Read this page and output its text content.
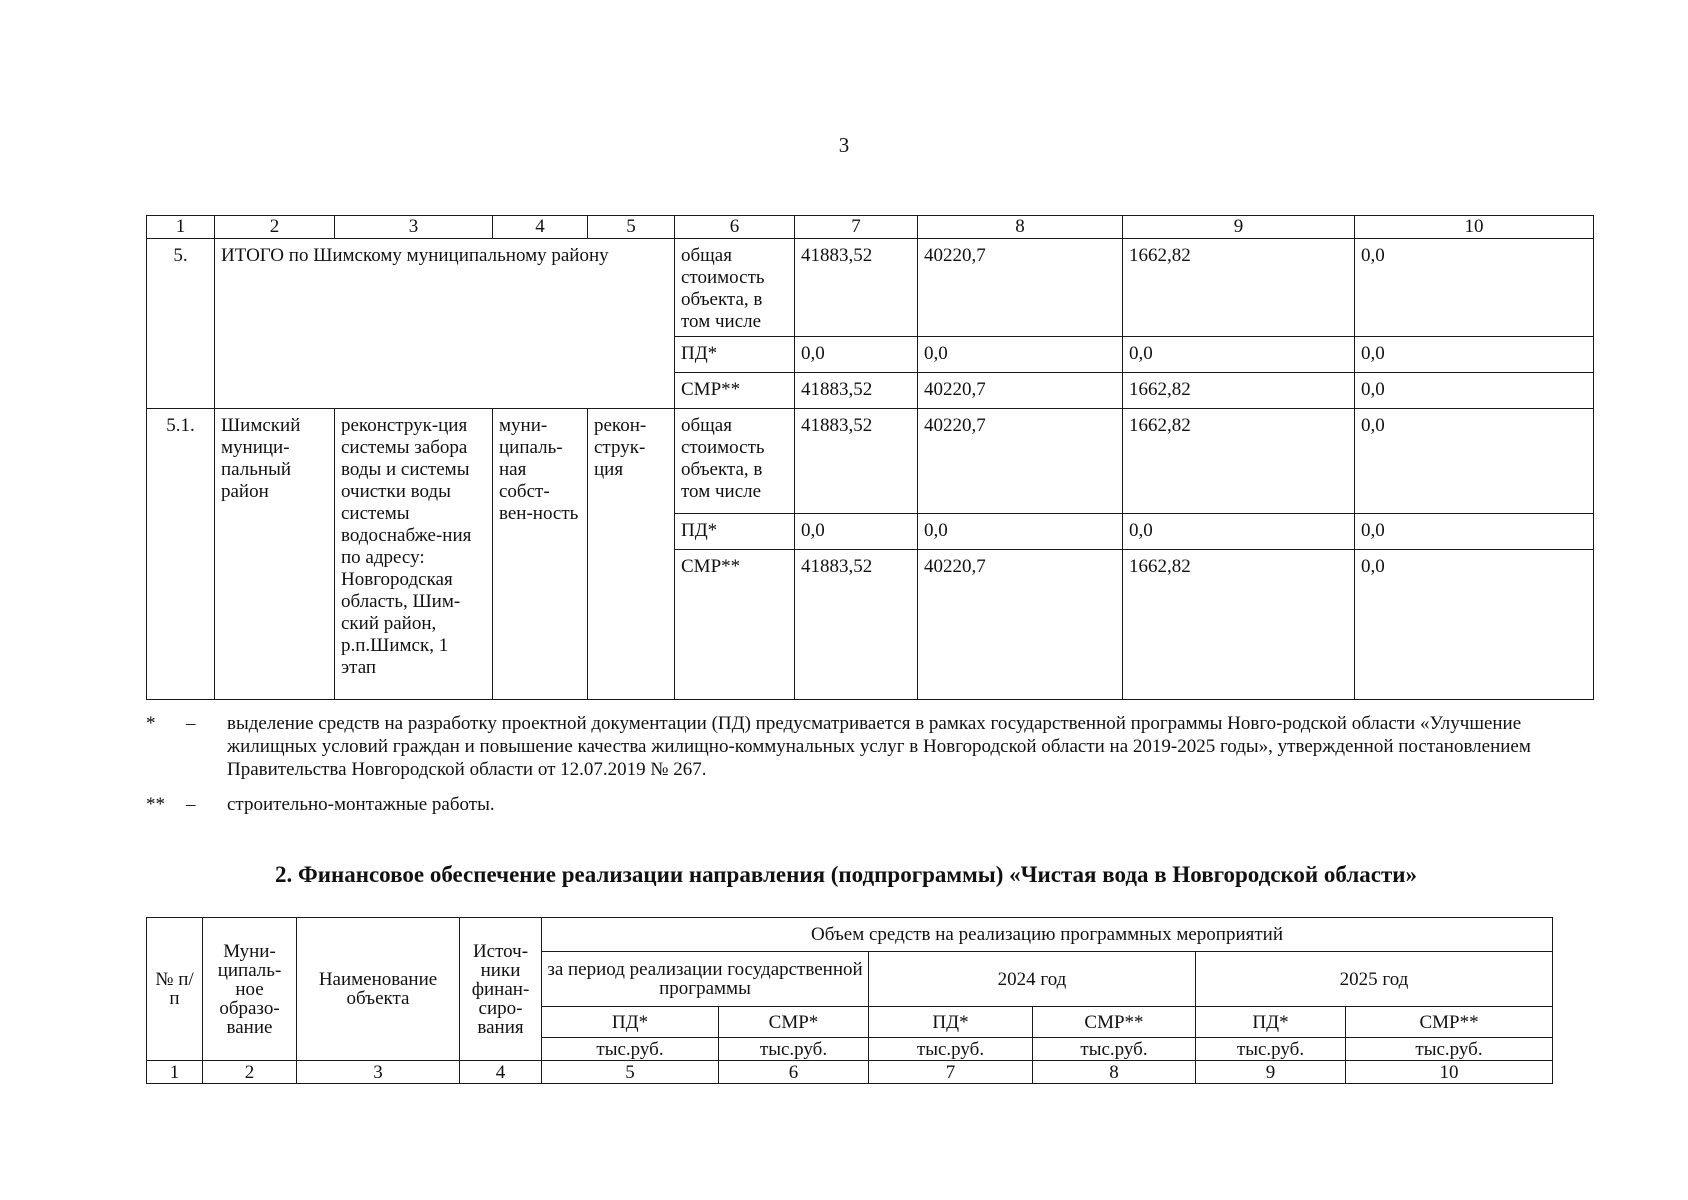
3
1	2	3	4	5	6	7	8	9	10
5.	ИТОГО по Шимскому муниципальному району				общая стоимость объекта, в том числе	41883,52	40220,7	1662,82	0,0
					ПД*	0,0	0,0	0,0	0,0
					СМР**	41883,52	40220,7	1662,82	0,0
5.1.	Шимский муници-пальный район	реконструк-ция системы забора воды и системы очистки воды системы водоснабже-ния по адресу: Новгородская область, Шим-ский район, р.п.Шимск, 1 этап	муни-ципаль-ная собст-вен-ность	рекон-струк-ция	общая стоимость объекта, в том числе	41883,52	40220,7	1662,82	0,0
					ПД*	0,0	0,0	0,0	0,0
					СМР**	41883,52	40220,7	1662,82	0,0
* – выделение средств на разработку проектной документации (ПД) предусматривается в рамках государственной программы Новго-родской области «Улучшение жилищных условий граждан и повышение качества жилищно-коммунальных услуг в Новгородской области на 2019-2025 годы», утвержденной постановлением Правительства Новгородской области от 12.07.2019 № 267.
** – строительно-монтажные работы.
2. Финансовое обеспечение реализации направления (подпрограммы) «Чистая вода в Новгородской области»
№ п/п	Муни-ципаль-ное образо-вание	Наименование объекта	Источ-ники финан-сиро-вания	Объем средств на реализацию программных мероприятий					
				за период реализации государственной программы		2024 год		2025 год	
				ПД*	СМР*	ПД*	СМР**	ПД*	СМР**
				тыс.руб.	тыс.руб.	тыс.руб.	тыс.руб.	тыс.руб.	тыс.руб.
1	2	3	4	5	6	7	8	9	10
